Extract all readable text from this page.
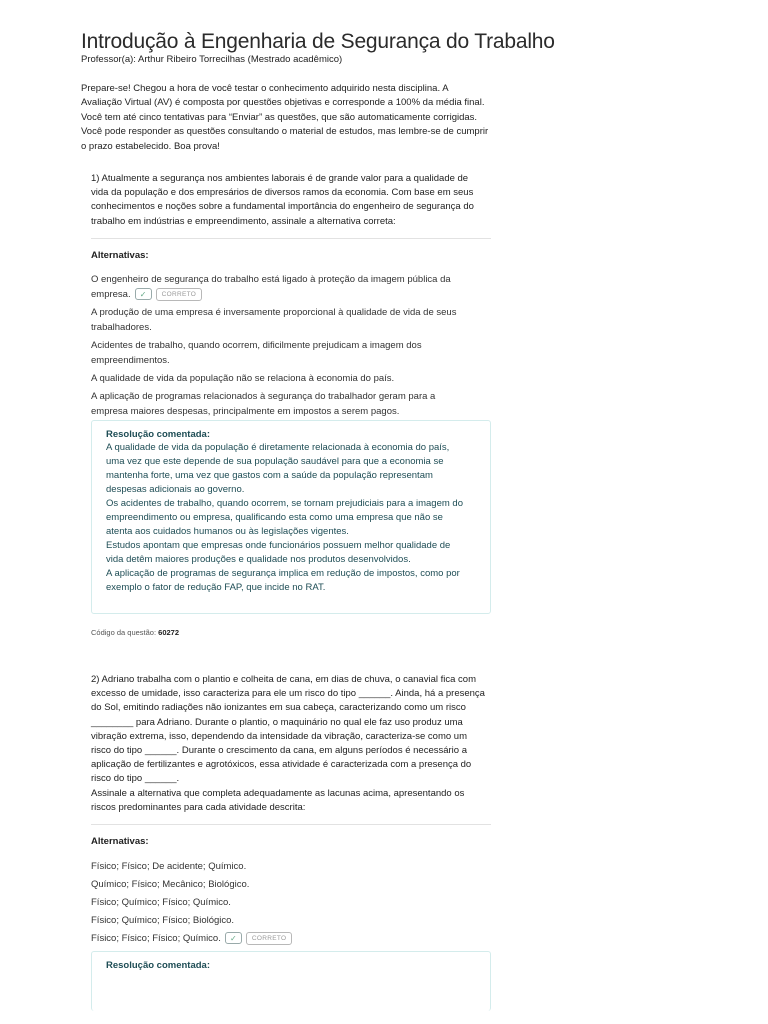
Introdução à Engenharia de Segurança do Trabalho
Professor(a): Arthur Ribeiro Torrecilhas (Mestrado acadêmico)

Prepare-se! Chegou a hora de você testar o conhecimento adquirido nesta disciplina. A

Avaliação Virtual (AV) é composta por questões objetivas e corresponde a 100% da média final.

Você tem até cinco tentativas para “Enviar” as questões, que são automaticamente corrigidas.

Você pode responder as questões consultando o material de estudos, mas lembre-se de cumprir

o prazo estabelecido. Boa prova!

1) Atualmente a segurança nos ambientes laborais é de grande valor para a qualidade de

vida da população e dos empresários de diversos ramos da economia. Com base em seus

conhecimentos e noções sobre a fundamental importância do engenheiro de segurança do

trabalho em indústrias e empreendimento, assinale a alternativa correta:

Alternativas:

O engenheiro de segurança do trabalho está ligado à proteção da imagem pública da

empresa.	✓	CORRETO

A produção de uma empresa é inversamente proporcional à qualidade de vida de seus

trabalhadores.

Acidentes de trabalho, quando ocorrem, dificilmente prejudicam a imagem dos

empreendimentos.

A qualidade de vida da população não se relaciona à economia do país.

A aplicação de programas relacionados à segurança do trabalhador geram para a

empresa maiores despesas, principalmente em impostos a serem pagos.

Resolução comentada:

A qualidade de vida da população é diretamente relacionada à economia do país,

uma vez que este depende de sua população saudável para que a economia se

mantenha forte, uma vez que gastos com a saúde da população representam

despesas adicionais ao governo.

Os acidentes de trabalho, quando ocorrem, se tornam prejudiciais para a imagem do

empreendimento ou empresa, qualificando esta como uma empresa que não se

atenta aos cuidados humanos ou às legislações vigentes.

Estudos apontam que empresas onde funcionários possuem melhor qualidade de

vida detêm maiores produções e qualidade nos produtos desenvolvidos.

A aplicação de programas de segurança implica em redução de impostos, como por

exemplo o fator de redução FAP, que incide no RAT.

Código da questão: 60272

2) Adriano trabalha com o plantio e colheita de cana, em dias de chuva, o canavial fica com

excesso de umidade, isso caracteriza para ele um risco do tipo ______. Ainda, há a presença

do Sol, emitindo radiações não ionizantes em sua cabeça, caracterizando como um risco

________ para Adriano. Durante o plantio, o maquinário no qual ele faz uso produz uma

vibração extrema, isso, dependendo da intensidade da vibração, caracteriza-se como um

risco do tipo ______. Durante o crescimento da cana, em alguns períodos é necessário a

aplicação de fertilizantes e agrotóxicos, essa atividade é caracterizada com a presença do

risco do tipo ______.

Assinale a alternativa que completa adequadamente as lacunas acima, apresentando os

riscos predominantes para cada atividade descrita:

Alternativas:

Físico; Físico; De acidente; Químico.

Químico; Físico; Mecânico; Biológico.

Físico; Químico; Físico; Químico.

Físico; Químico; Físico; Biológico.

Físico; Físico; Físico; Químico.	✓	CORRETO

Resolução comentada:
